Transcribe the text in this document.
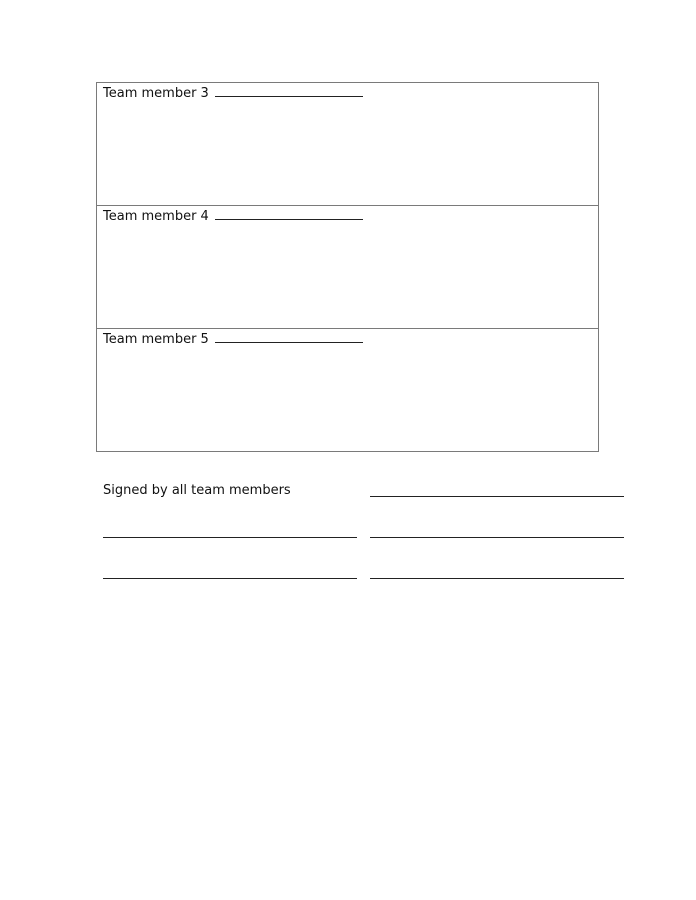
Team member 3
Team member 4
Team member 5
Signed by all team members
